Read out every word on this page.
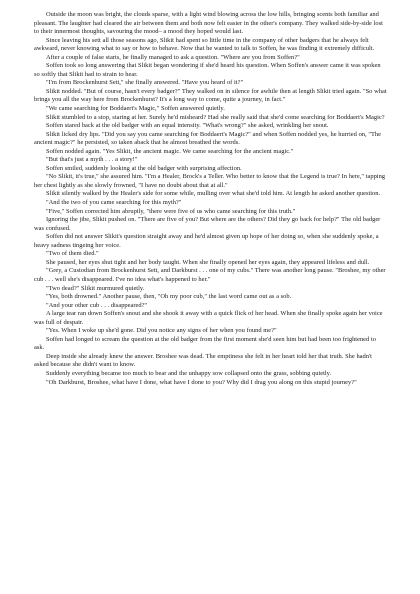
Outside the moon was bright, the clouds sparse, with a light wind blowing across the low hills, bringing scents both familiar and pleasant. The laughter had cleared the air between them and both now felt easier in the other's company. They walked side-by-side lost to their innermost thoughts, savouring the mood– a mood they hoped would last.

Since leaving his sett all those seasons ago, Slikit had spent so little time in the company of other badgers that he always felt awkward, never knowing what to say or how to behave. Now that he wanted to talk to Soffen, he was finding it extremely difficult.

After a couple of false starts, he finally managed to ask a question. "Where are you from Soffen?"

Soffen took so long answering that Slikit began wondering if she'd heard his question. When Soffen's answer came it was spoken so softly that Slikit had to strain to hear.

"I'm from Brockenhurst Sett," she finally answered. "Have you heard of it?"

Slikit nodded. "But of course, hasn't every badger?" They walked on in silence for awhile then at length Slikit tried again. "So what brings you all the way here from Brockenhurst? It's a long way to come, quite a journey, in fact."

"We came searching for Boddaert's Magic," Soffen answered quietly.

Slikit stumbled to a stop, staring at her. Surely he'd misheard? Had she really said that she'd come searching for Boddaert's Magic?

Soffen stared back at the old badger with an equal intensity. "What's wrong?" she asked, wrinkling her snout.

Slikit licked dry lips. "Did you say you came searching for Boddaert's Magic?" and when Soffen nodded yes, he hurried on, "The ancient magic?" he persisted, so taken aback that he almost breathed the words.

Soffen nodded again. "Yes Slikit, the ancient magic. We came searching for the ancient magic."

"But that's just a myth . . . a story!"

Soffen smiled, suddenly looking at the old badger with surprising affection.

"No Slikit, it's true," she assured him. "I'm a Healer, Brock's a Teller. Who better to know that the Legend is true? In here," tapping her chest lightly as she slowly frowned, "I have no doubt about that at all."

Slikit silently walked by the Healer's side for some while, mulling over what she'd told him. At length he asked another question.

"And the two of you came searching for this myth?"

"Five," Soffen corrected him abruptly, "there were five of us who came searching for this truth."

Ignoring the jibe, Slikit pushed on. "There are five of you? But where are the others? Did they go back for help?" The old badger was confused.

Soffen did not answer Slikit's question straight away and he'd almost given up hope of her doing so, when she suddenly spoke, a heavy sadness tingeing her voice.

"Two of them died."

She paused, her eyes shut tight and her body taught. When she finally opened her eyes again, they appeared lifeless and dull.

"Grey, a Custodian from Brockenhurst Sett, and Darkburst . . . one of my cubs." There was another long pause. "Broshee, my other cub . . . well she's disappeared. I've no idea what's happened to her."

"Two dead?" Slikit murmured quietly.

"Yes, both drowned." Another pause, then, "Oh my poor cub," the last word came out as a sob.

"And your other cub . . . disappeared?"

A large tear ran down Soffen's snout and she shook it away with a quick flick of her head. When she finally spoke again her voice was full of despair.

"Yes. When I woke up she'd gone. Did you notice any signs of her when you found me?"

Soffen had longed to scream the question at the old badger from the first moment she'd seen him but had been too frightened to ask.

Deep inside she already knew the answer. Broshee was dead. The emptiness she felt in her heart told her that truth. She hadn't asked because she didn't want to know.

Suddenly everything became too much to bear and the unhappy sow collapsed onto the grass, sobbing quietly.

"Oh Darkburst, Broshee, what have I done, what have I done to you? Why did I drag you along on this stupid journey?"
